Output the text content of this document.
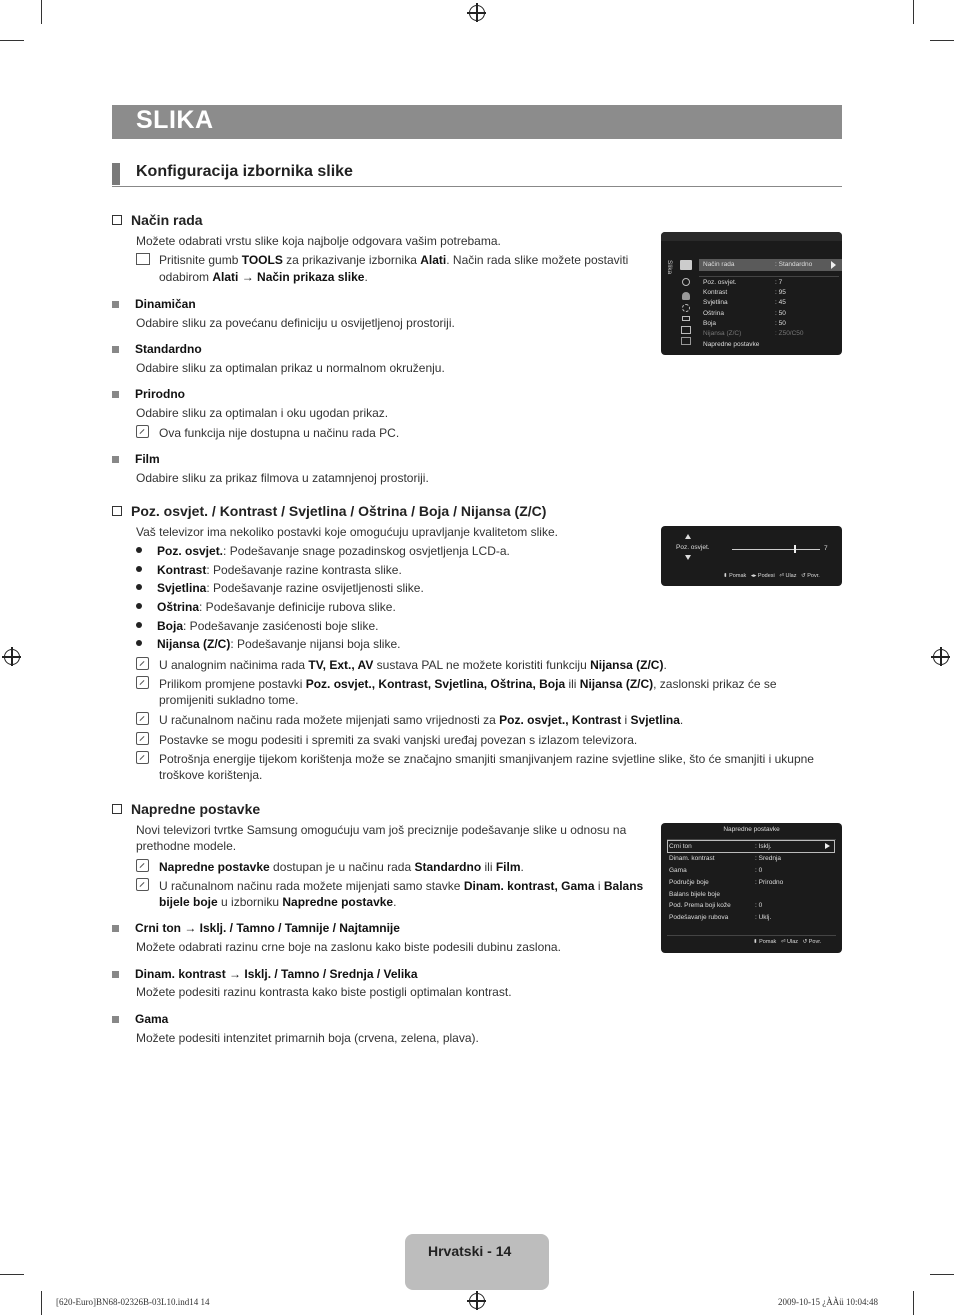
SLIKA
Konfiguracija izbornika slike
Način rada
Možete odabrati vrstu slike koja najbolje odgovara vašim potrebama.
Pritisnite gumb TOOLS za prikazivanje izbornika Alati. Način rada slike možete postaviti
odabirom Alati → Način prikaza slike.
Dinamičan
Odabire sliku za povećanu definiciju u osvijetljenoj prostoriji.
Standardno
Odabire sliku za optimalan prikaz u normalnom okruženju.
Prirodno
Odabire sliku za optimalan i oku ugodan prikaz.
Ova funkcija nije dostupna u načinu rada PC.
Film
Odabire sliku za prikaz filmova u zatamnjenoj prostoriji.
Slika	Način rada	: Standardno
Poz. osvjet.	: 7
Kontrast	: 95
Svjetlina	: 45
Oštrina	: 50
Boja	: 50
Nijansa (Z/C)	: Z50/C50
Napredne postavke
Poz. osvjet. / Kontrast / Svjetlina / Oštrina / Boja / Nijansa (Z/C)
Vaš televizor ima nekoliko postavki koje omogućuju upravljanje kvalitetom slike.
Poz. osvjet.: Podešavanje snage pozadinskog osvjetljenja LCD-a.
Kontrast: Podešavanje razine kontrasta slike.
Svjetlina: Podešavanje razine osvijetljenosti slike.
Oštrina: Podešavanje definicije rubova slike.
Boja: Podešavanje zasićenosti boje slike.
Nijansa (Z/C): Podešavanje nijansi boja slike.
U analognim načinima rada TV, Ext., AV sustava PAL ne možete koristiti funkciju Nijansa (Z/C).
Prilikom promjene postavki Poz. osvjet., Kontrast, Svjetlina, Oštrina, Boja ili Nijansa (Z/C), zaslonski prikaz će se
promijeniti sukladno tome.
U računalnom načinu rada možete mijenjati samo vrijednosti za Poz. osvjet., Kontrast i Svjetlina.
Postavke se mogu podesiti i spremiti za svaki vanjski uređaj povezan s izlazom televizora.
Potrošnja energije tijekom korištenja može se značajno smanjiti smanjivanjem razine svjetline slike, što će smanjiti i ukupne
troškove korištenja.
Poz. osvjet.	7
⬍ Pomak ◂▸ Podesi ⏎ Ulaz ↺ Povr.
Napredne postavke
Novi televizori tvrtke Samsung omogućuju vam još preciznije podešavanje slike u odnosu na
prethodne modele.
Napredne postavke dostupan je u načinu rada Standardno ili Film.
U računalnom načinu rada možete mijenjati samo stavke Dinam. kontrast, Gama i Balans
bijele boje u izborniku Napredne postavke.
Crni ton → Isklj. / Tamno / Tamnije / Najtamnije
Možete odabrati razinu crne boje na zaslonu kako biste podesili dubinu zaslona.
Dinam. kontrast → Isklj. / Tamno / Srednja / Velika
Možete podesiti razinu kontrasta kako biste postigli optimalan kontrast.
Gama
Možete podesiti intenzitet primarnih boja (crvena, zelena, plava).
Napredne postavke
Crni ton	: Isklj.
Dinam. kontrast	: Srednja
Gama	: 0
Područje boje	: Prirodno
Balans bijele boje
Pod. Prema boji kože	: 0
Podešavanje rubova	: Uklj.
⬍ Pomak ⏎ Ulaz ↺ Povr.
Hrvatski - 14
[620-Euro]BN68-02326B-03L10.ind14 14	2009-10-15 ¿ÀÀü 10:04:48
